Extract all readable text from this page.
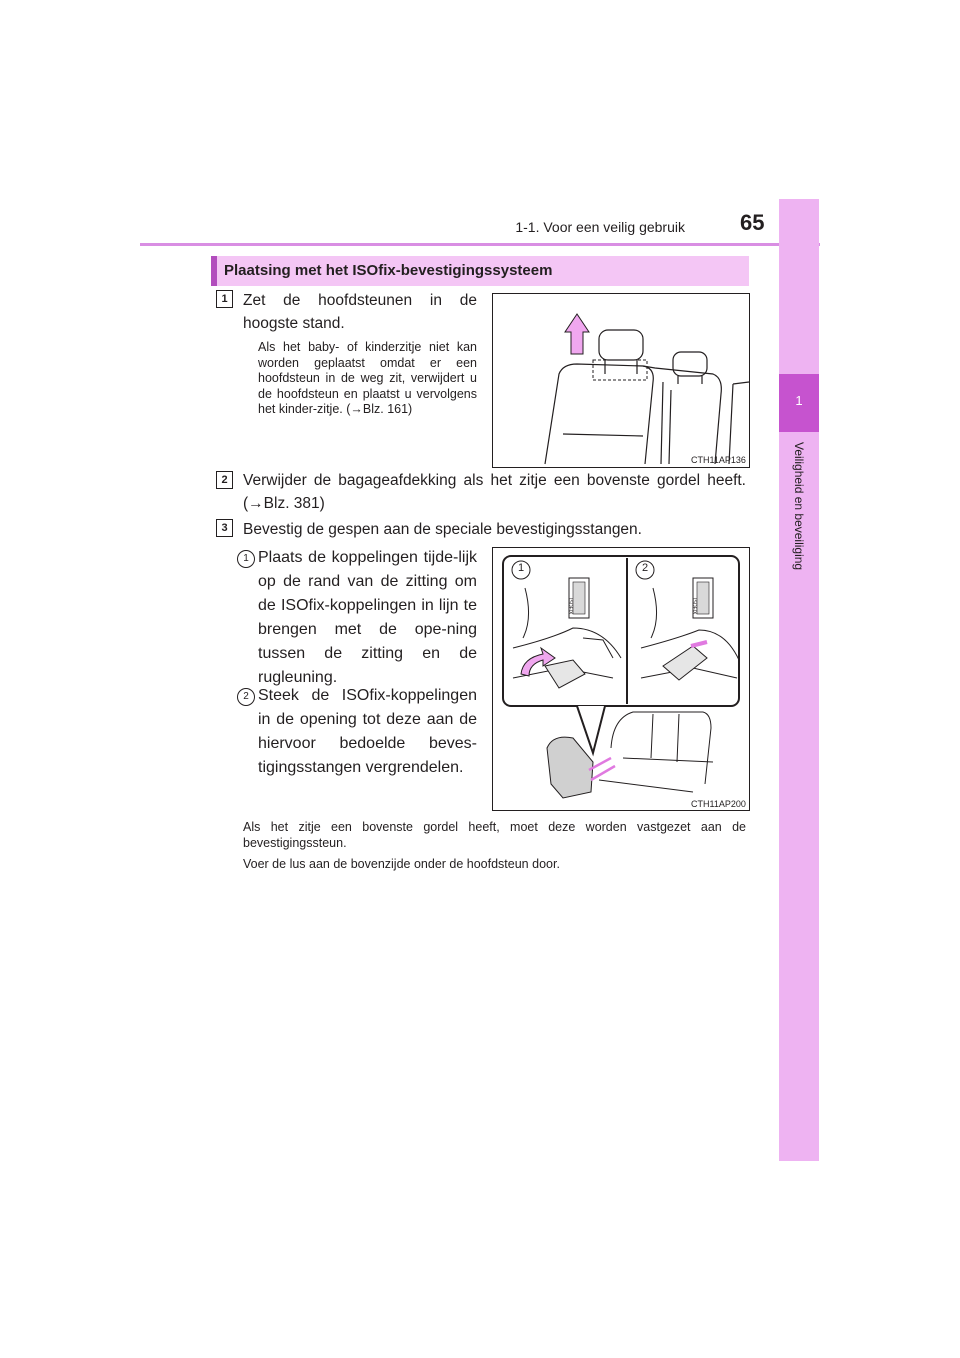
1-1. Voor een veilig gebruik	65
1
Veiligheid en beveiliging
Plaatsing met het ISOfix-bevestigingssysteem
1 Zet de hoofdsteunen in de hoogste stand.
Als het baby- of kinderzitje niet kan worden geplaatst omdat er een hoofdsteun in de weg zit, verwijdert u de hoofdsteun en plaatst u vervolgens het kinder-zitje. (→Blz. 161)
CTH11AP136
2 Verwijder de bagageafdekking als het zitje een bovenste gordel heeft. (→Blz. 381)
3 Bevestig de gespen aan de speciale bevestigingsstangen.
1 Plaats de koppelingen tijde-lijk op de rand van de zitting om de ISOfix-koppelingen in lijn te brengen met de ope-ning tussen de zitting en de rugleuning.
2 Steek de ISOfix-koppelingen in de opening tot deze aan de hiervoor bedoelde beves-tigingsstangen vergrendelen.
1	2
ISOFIX	ISOFIX
CTH11AP200
Als het zitje een bovenste gordel heeft, moet deze worden vastgezet aan de bevestigingssteun.
Voer de lus aan de bovenzijde onder de hoofdsteun door.
